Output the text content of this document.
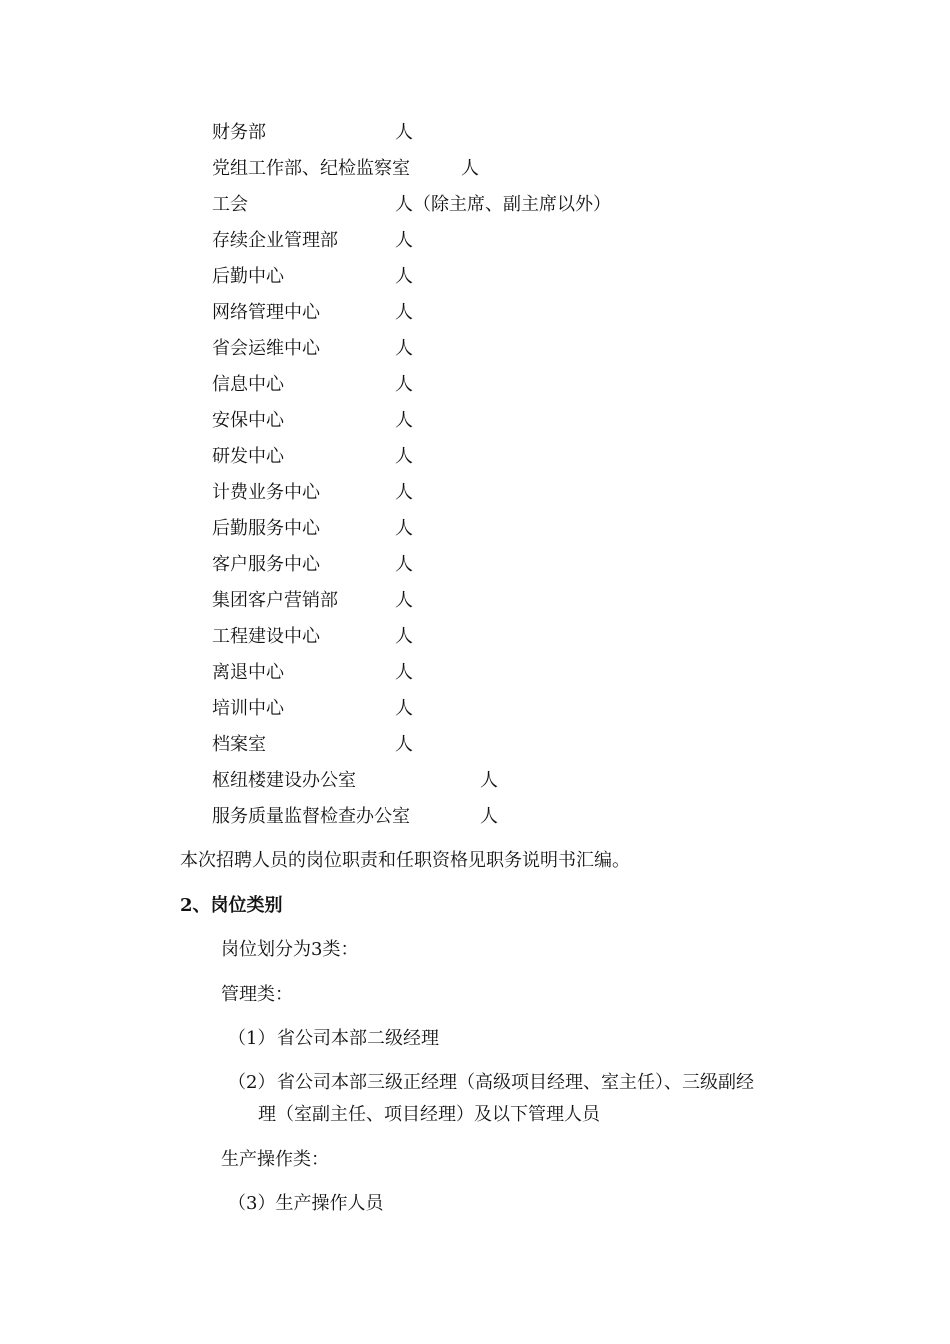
财务部	人
党组工作部、纪检监察室	人
工会	人（除主席、副主席以外）
存续企业管理部	人
后勤中心	人
网络管理中心	人
省会运维中心	人
信息中心	人
安保中心	人
研发中心	人
计费业务中心	人
后勤服务中心	人
客户服务中心	人
集团客户营销部	人
工程建设中心	人
离退中心	人
培训中心	人
档案室	人
枢纽楼建设办公室	人
服务质量监督检查办公室	人
本次招聘人员的岗位职责和任职资格见职务说明书汇编。
2、岗位类别
岗位划分为3类：
管理类：
（1） 省公司本部二级经理
（2） 省公司本部三级正经理（高级项目经理、室主任）、三级副经
理（室副主任、项目经理）及以下管理人员
生产操作类：
（3）生产操作人员
